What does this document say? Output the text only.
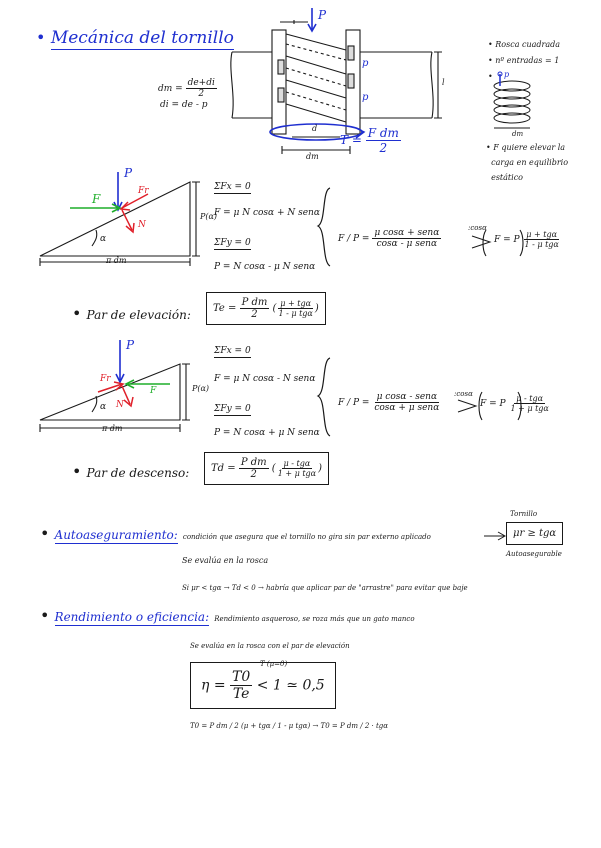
• Mecánica del tornillo
dm = $\frac{de+di}{2}$
di = de - p
P
p
p
dm
d
l
$T = \frac{\text{F dm}}{2}$
• Rosca cuadrada
• nº entradas = 1
• p
dm
• F quiere elevar la
carga en equilibrio
estático
P
F
Fr
N
α
π dm
P(α)
ΣFx = 0
F = μ N cosα + N senα
ΣFy = 0
P = N cosα - μ N senα
$F / P = \frac{\text{μ cosα + senα}}{\text{cosα - μ senα}}$	:cosα
F = P $\frac{\text{μ + tgα}}{\text{1 - μ tgα}}$
• Par de elevación:	$Te = \frac{\text{P dm}}{2}$ ( $\frac{\text{μ + tgα}}{\text{1 - μ tgα}}$ )
P
F
Fr
N
α
π dm
P(α)
ΣFx = 0
F = μ N cosα - N senα
ΣFy = 0
P = N cosα + μ N senα
$F / P = \frac{\text{μ cosα - senα}}{\text{cosα + μ senα}}$ :cosα
F = P $\frac{\text{μ - tgα}}{\text{1 + μ tgα}}$
• Par de descenso:	$Td = \frac{\text{P dm}}{2}$ ( $\frac{\text{μ - tgα}}{\text{1 + μ tgα}}$ )
• Autoaseguramiento: condición que asegura que el tornillo no gira sin par externo aplicado
Tornillo
μr ≥ tgα
Autoasegurable
Se evalúa en la rosca
Si μr < tgα → Td < 0 → habría que aplicar par de "arrastre" para evitar que baje
• Rendimiento o eficiencia: Rendimiento asqueroso, se roza más que un gato manco
Se evalúa en la rosca con el par de elevación
T (μ=0)
$\eta = \frac{T0}{Te} < 1$ ≃ 0,5
T0 = P dm / 2 (μ + tgα / 1 - μ tgα) → T0 = P dm / 2 · tgα
